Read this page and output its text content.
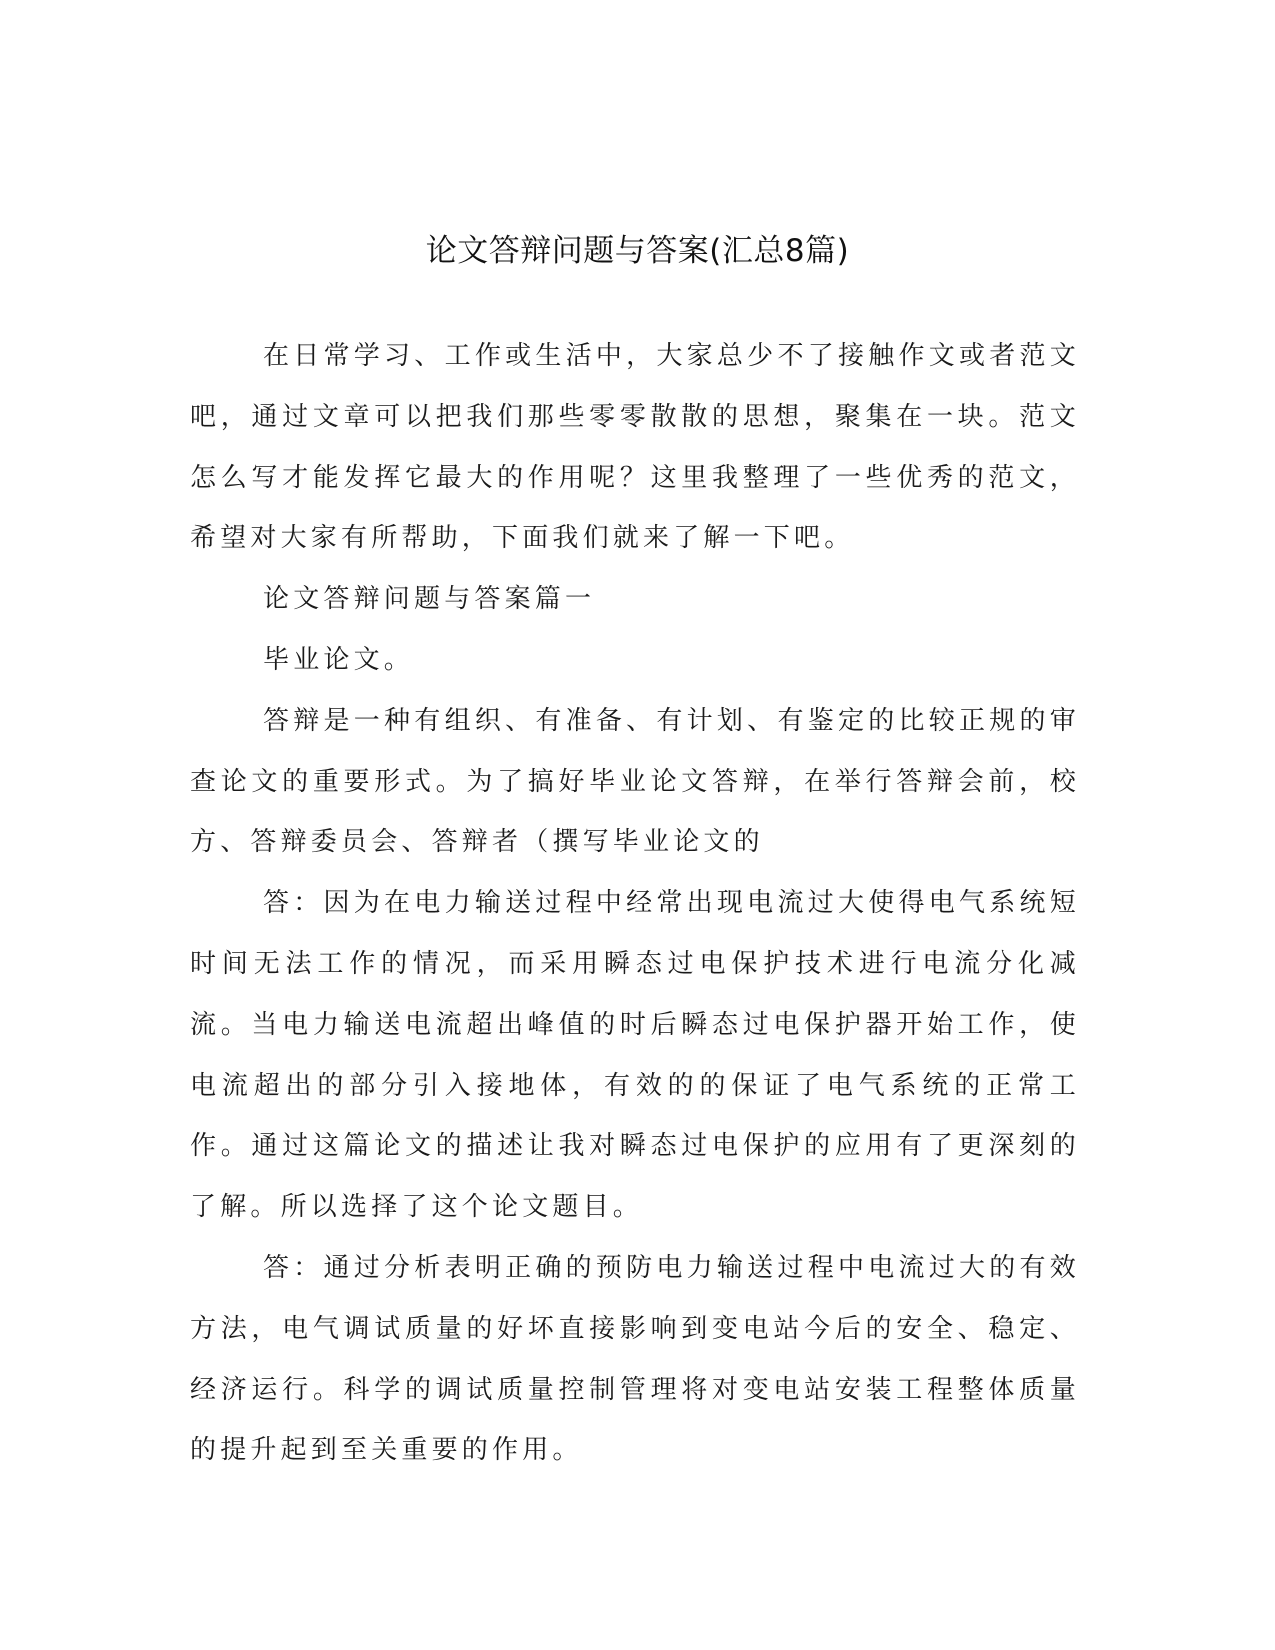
论文答辩问题与答案(汇总8篇)

在日常学习、工作或生活中，大家总少不了接触作文或者范文吧，通过文章可以把我们那些零零散散的思想，聚集在一块。范文怎么写才能发挥它最大的作用呢？这里我整理了一些优秀的范文，希望对大家有所帮助，下面我们就来了解一下吧。

论文答辩问题与答案篇一

毕业论文。

答辩是一种有组织、有准备、有计划、有鉴定的比较正规的审查论文的重要形式。为了搞好毕业论文答辩，在举行答辩会前，校方、答辩委员会、答辩者（撰写毕业论文的

答：因为在电力输送过程中经常出现电流过大使得电气系统短时间无法工作的情况，而采用瞬态过电保护技术进行电流分化减流。当电力输送电流超出峰值的时后瞬态过电保护器开始工作，使电流超出的部分引入接地体，有效的的保证了电气系统的正常工作。通过这篇论文的描述让我对瞬态过电保护的应用有了更深刻的了解。所以选择了这个论文题目。

答：通过分析表明正确的预防电力输送过程中电流过大的有效方法，电气调试质量的好坏直接影响到变电站今后的安全、稳定、经济运行。科学的调试质量控制管理将对变电站安装工程整体质量的提升起到至关重要的作用。
